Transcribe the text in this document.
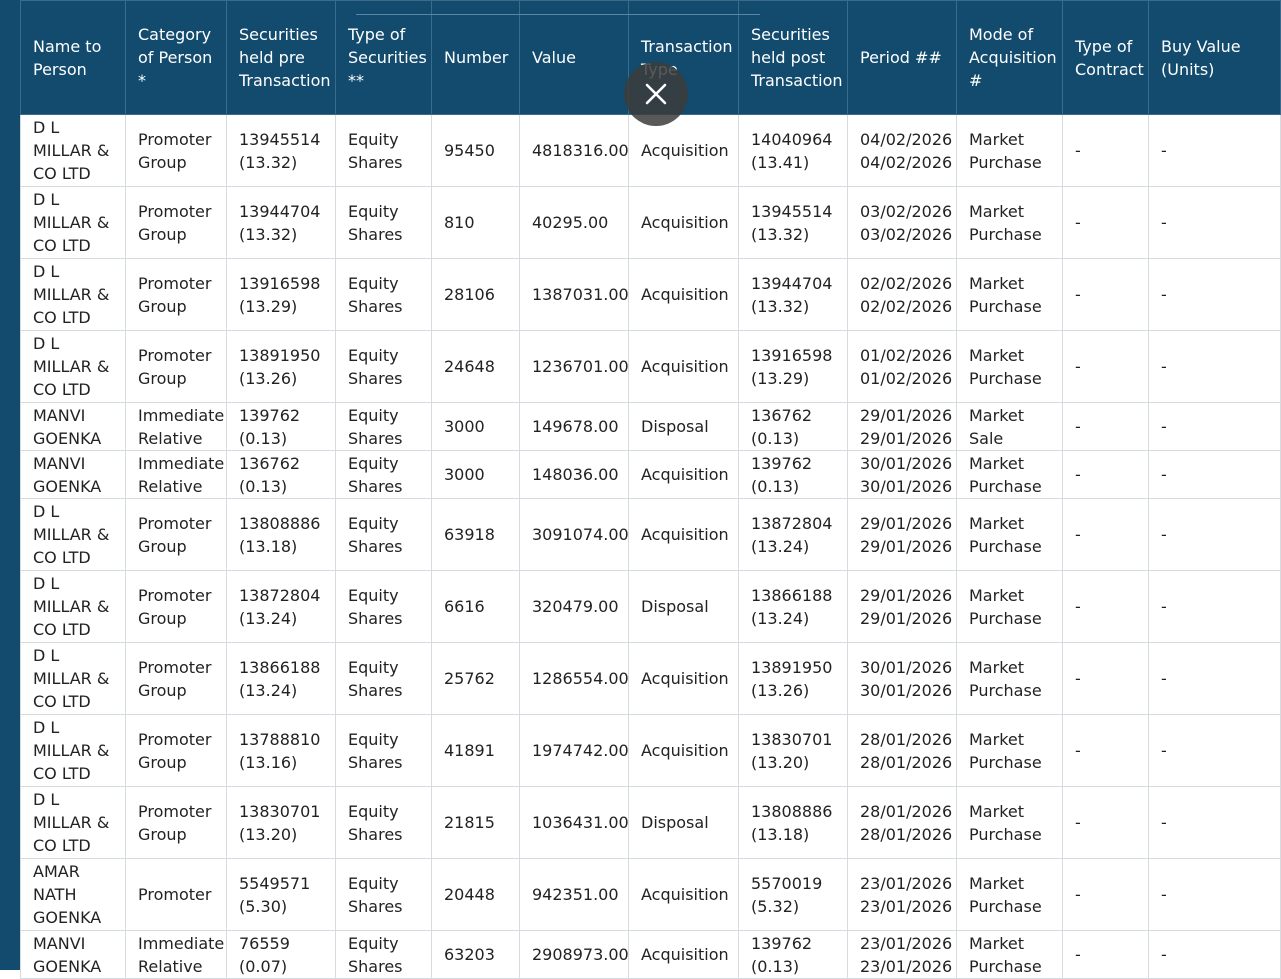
Name to Person	Category of Person *	Securities held pre Transaction	Type of Securities **	Number	Value	Transaction	Securities held post Transaction	Period ##	Mode of Acquisition #	Type of Contract	Buy Value (Units)
D L MILLAR & CO LTD	Promoter Group	13945514 (13.32)	Equity Shares	95450	4818316.00	Acquisition	14040964 (13.41)	04/02/2026 04/02/2026	Market Purchase	-	-
D L MILLAR & CO LTD	Promoter Group	13944704 (13.32)	Equity Shares	810	40295.00	Acquisition	13945514 (13.32)	03/02/2026 03/02/2026	Market Purchase	-	-
D L MILLAR & CO LTD	Promoter Group	13916598 (13.29)	Equity Shares	28106	1387031.00	Acquisition	13944704 (13.32)	02/02/2026 02/02/2026	Market Purchase	-	-
D L MILLAR & CO LTD	Promoter Group	13891950 (13.26)	Equity Shares	24648	1236701.00	Acquisition	13916598 (13.29)	01/02/2026 01/02/2026	Market Purchase	-	-
MANVI GOENKA	Immediate Relative	139762 (0.13)	Equity Shares	3000	149678.00	Disposal	136762 (0.13)	29/01/2026 29/01/2026	Market Sale	-	-
MANVI GOENKA	Immediate Relative	136762 (0.13)	Equity Shares	3000	148036.00	Acquisition	139762 (0.13)	30/01/2026 30/01/2026	Market Purchase	-	-
D L MILLAR & CO LTD	Promoter Group	13808886 (13.18)	Equity Shares	63918	3091074.00	Acquisition	13872804 (13.24)	29/01/2026 29/01/2026	Market Purchase	-	-
D L MILLAR & CO LTD	Promoter Group	13872804 (13.24)	Equity Shares	6616	320479.00	Disposal	13866188 (13.24)	29/01/2026 29/01/2026	Market Purchase	-	-
D L MILLAR & CO LTD	Promoter Group	13866188 (13.24)	Equity Shares	25762	1286554.00	Acquisition	13891950 (13.26)	30/01/2026 30/01/2026	Market Purchase	-	-
D L MILLAR & CO LTD	Promoter Group	13788810 (13.16)	Equity Shares	41891	1974742.00	Acquisition	13830701 (13.20)	28/01/2026 28/01/2026	Market Purchase	-	-
D L MILLAR & CO LTD	Promoter Group	13830701 (13.20)	Equity Shares	21815	1036431.00	Disposal	13808886 (13.18)	28/01/2026 28/01/2026	Market Purchase	-	-
AMAR NATH GOENKA	Promoter	5549571 (5.30)	Equity Shares	20448	942351.00	Acquisition	5570019 (5.32)	23/01/2026 23/01/2026	Market Purchase	-	-
MANVI GOENKA	Immediate Relative	76559 (0.07)	Equity Shares	63203	2908973.00	Acquisition	139762 (0.13)	23/01/2026 23/01/2026	Market Purchase	-	-
